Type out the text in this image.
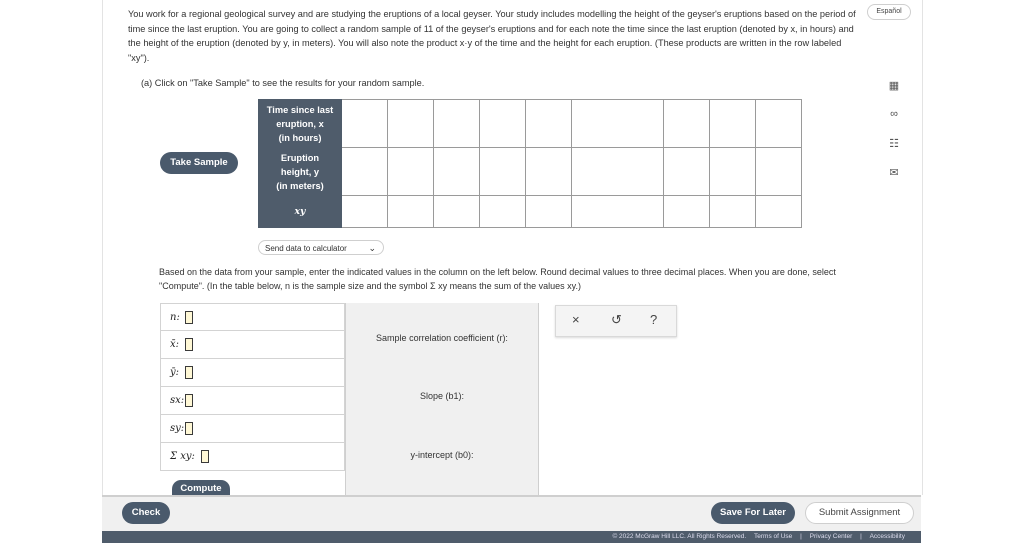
You work for a regional geological survey and are studying the eruptions of a local geyser. Your study includes modelling the height of the geyser's eruptions based on the period of time since the last eruption. You are going to collect a random sample of 11 of the geyser's eruptions and for each note the time since the last eruption (denoted by x, in hours) and the height of the eruption (denoted by y, in meters). You will also note the product x·y of the time and the height for each eruption. (These products are written in the row labeled "xy").

Español
(a) Click on "Take Sample" to see the results for your random sample.
Take Sample
Time since last
eruption, x
(in hours)									

Eruption
height, y
(in meters)									

xy									

Send data to calculator ⌄

Based on the data from your sample, enter the indicated values in the column on the left below. Round decimal values to three decimal places. When you are done, select "Compute". (In the table below, n is the sample size and the symbol Σ xy means the sum of the values xy.)

n:
x̄:
ȳ:
sx:
sy:
Σ xy:
Sample correlation coefficient (r):
Slope (b1):
y-intercept (b0):
Compute
× ↺ ?
▦
∞
☷
✉
Check	Save For Later	Submit Assignment
© 2022 McGraw Hill LLC. All Rights Reserved. Terms of Use | Privacy Center | Accessibility
